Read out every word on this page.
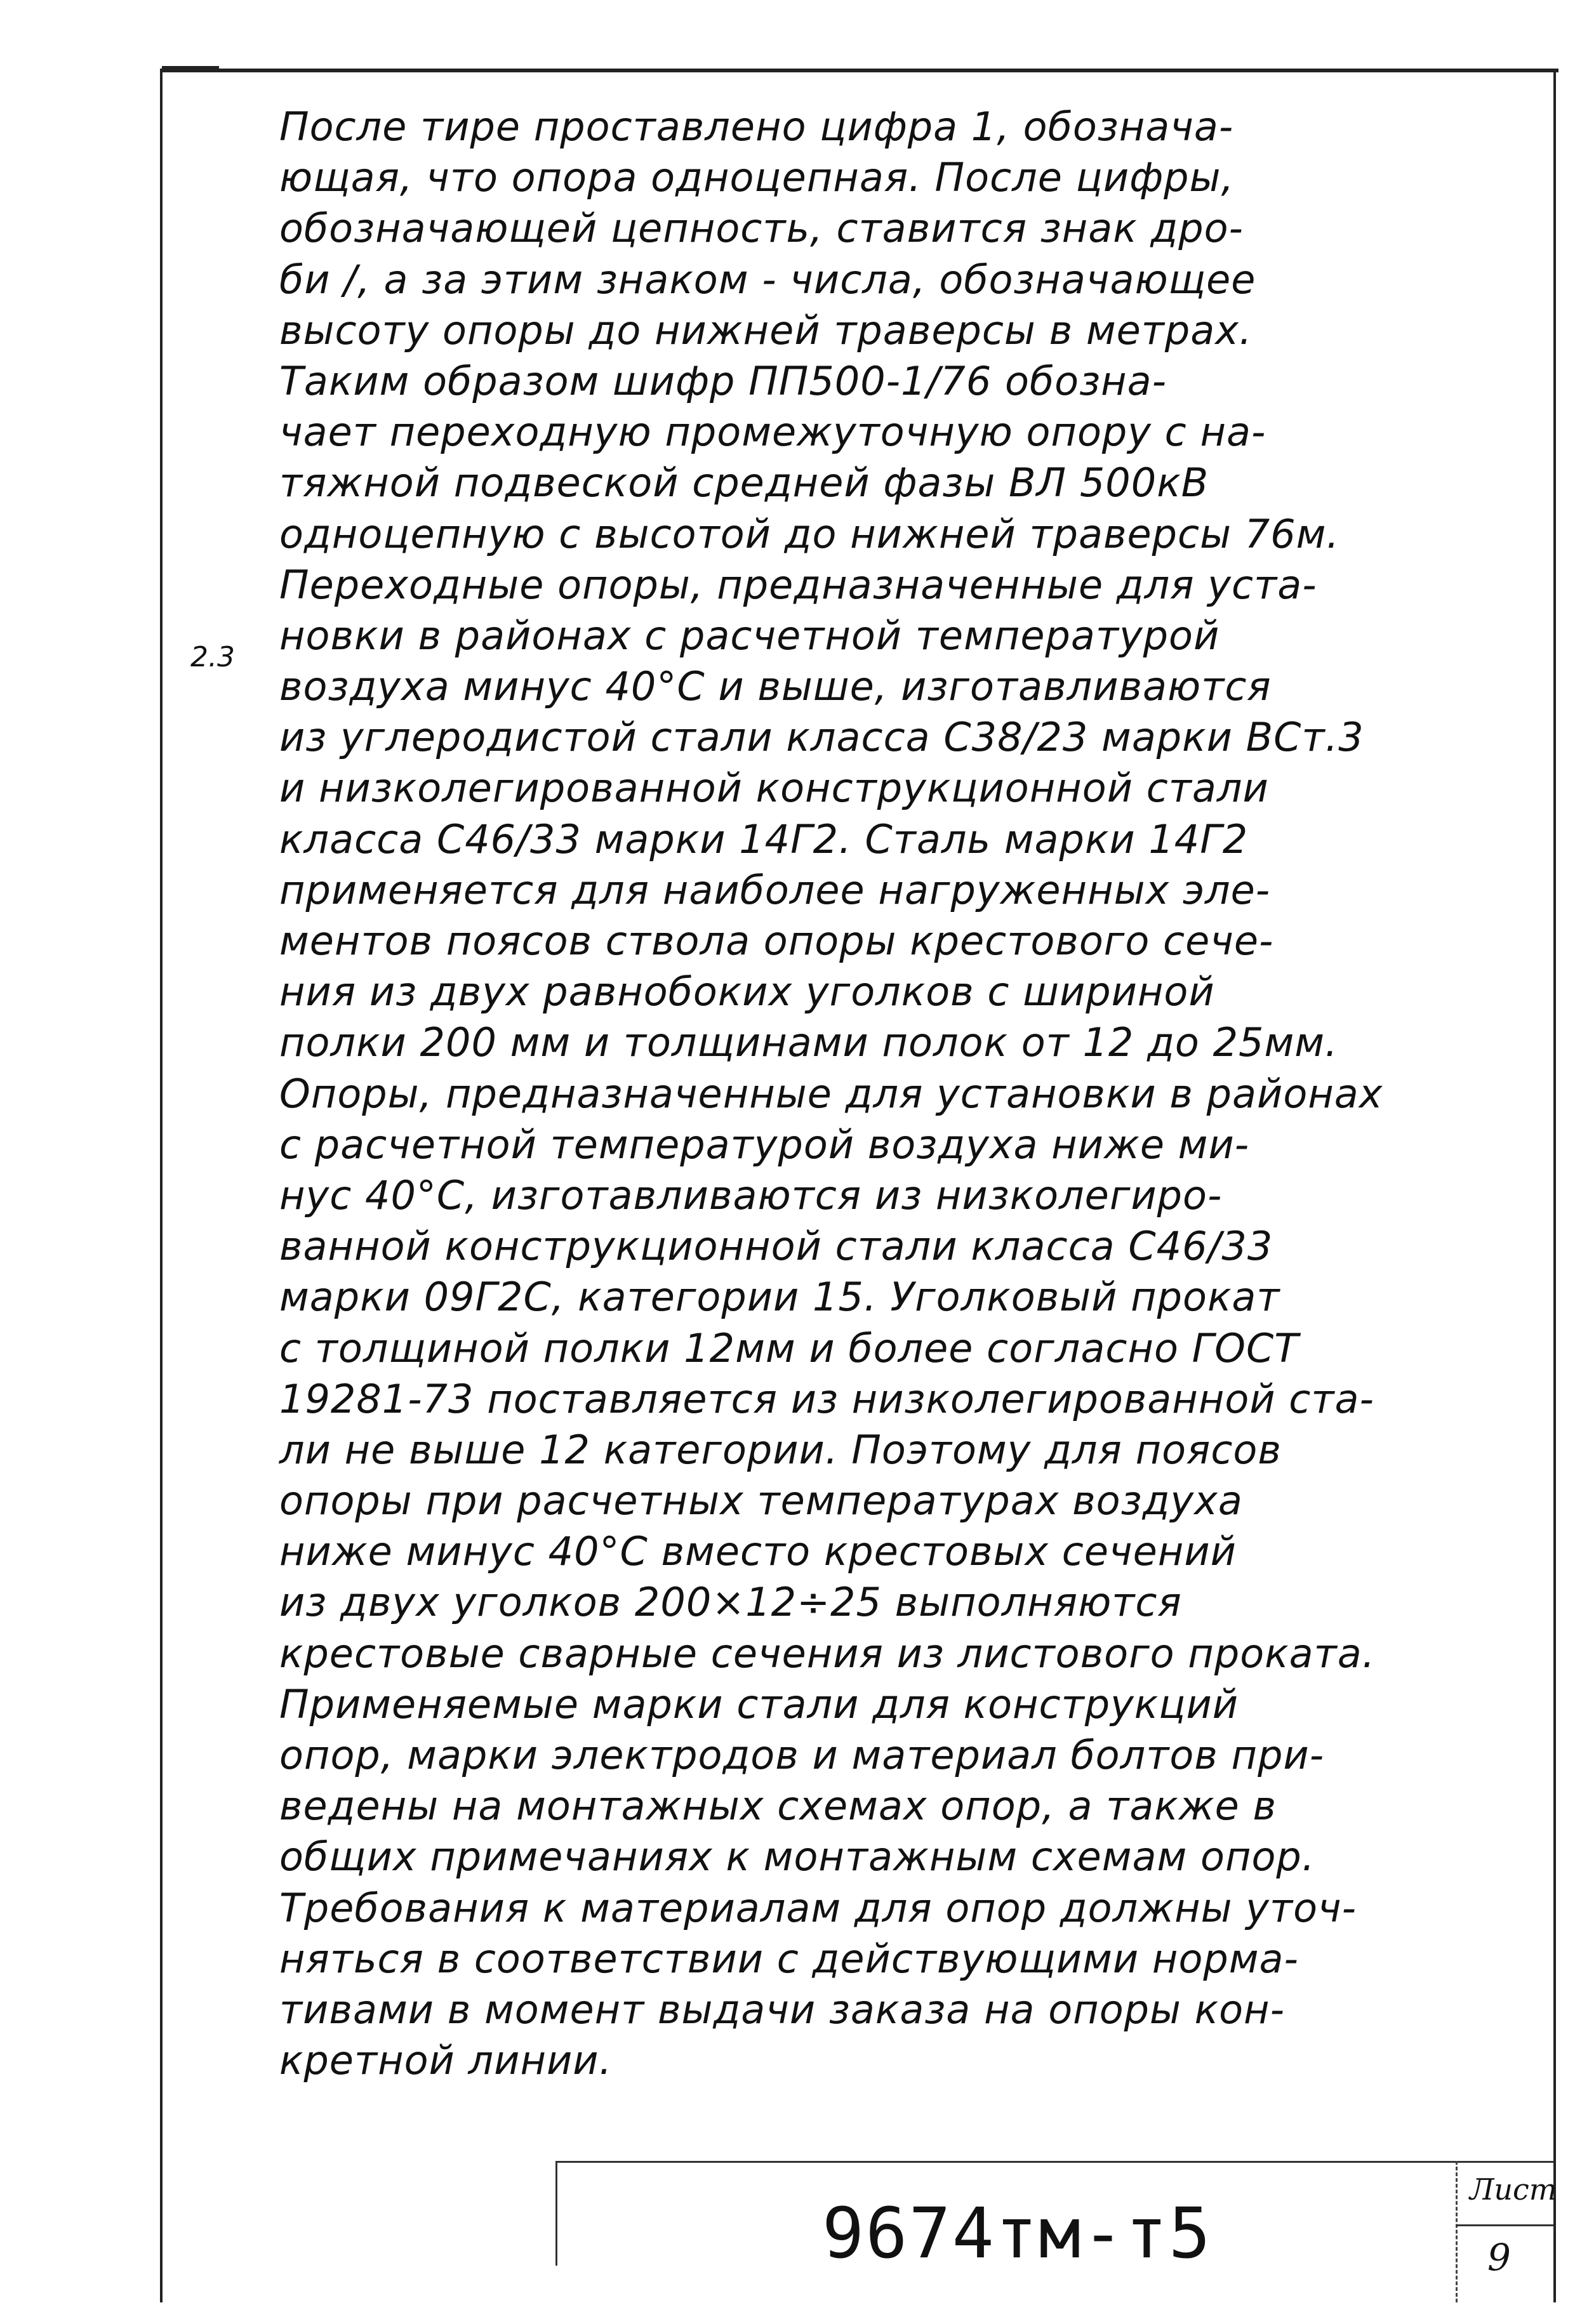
2.3
После тире проставлено цифра 1, обознача-
ющая, что опора одноцепная. После цифры,
обозначающей цепность, ставится знак дро-
би /, а за этим знаком - числа, обозначающее
высоту опоры до нижней траверсы в метрах.
Таким образом шифр ПП500-1/76 обозна-
чает переходную промежуточную опору с на-
тяжной подвеской средней фазы ВЛ 500кВ
одноцепную с высотой до нижней траверсы 76м.
Переходные опоры, предназначенные для уста-
новки в районах с расчетной температурой
воздуха минус 40°С и выше, изготавливаются
из углеродистой стали класса С38/23 марки ВСт.3
и низколегированной конструкционной стали
класса С46/33 марки 14Г2. Сталь марки 14Г2
применяется для наиболее нагруженных эле-
ментов поясов ствола опоры крестового сече-
ния из двух равнобоких уголков с шириной
полки 200 мм и толщинами полок от 12 до 25мм.
Опоры, предназначенные для установки в районах
с расчетной температурой воздуха ниже ми-
нус 40°С, изготавливаются из низколегиро-
ванной конструкционной стали класса С46/33
марки 09Г2С, категории 15. Уголковый прокат
с толщиной полки 12мм и более согласно ГОСТ
19281-73 поставляется из низколегированной ста-
ли не выше 12 категории. Поэтому для поясов
опоры при расчетных температурах воздуха
ниже минус 40°С вместо крестовых сечений
из двух уголков 200×12÷25 выполняются
крестовые сварные сечения из листового проката.
Применяемые марки стали для конструкций
опор, марки электродов и материал болтов при-
ведены на монтажных схемах опор, а также в
общих примечаниях к монтажным схемам опор.
Требования к материалам для опор должны уточ-
няться в соответствии с действующими норма-
тивами в момент выдачи заказа на опоры кон-
кретной линии.
9674тм-т5
Лист
9
